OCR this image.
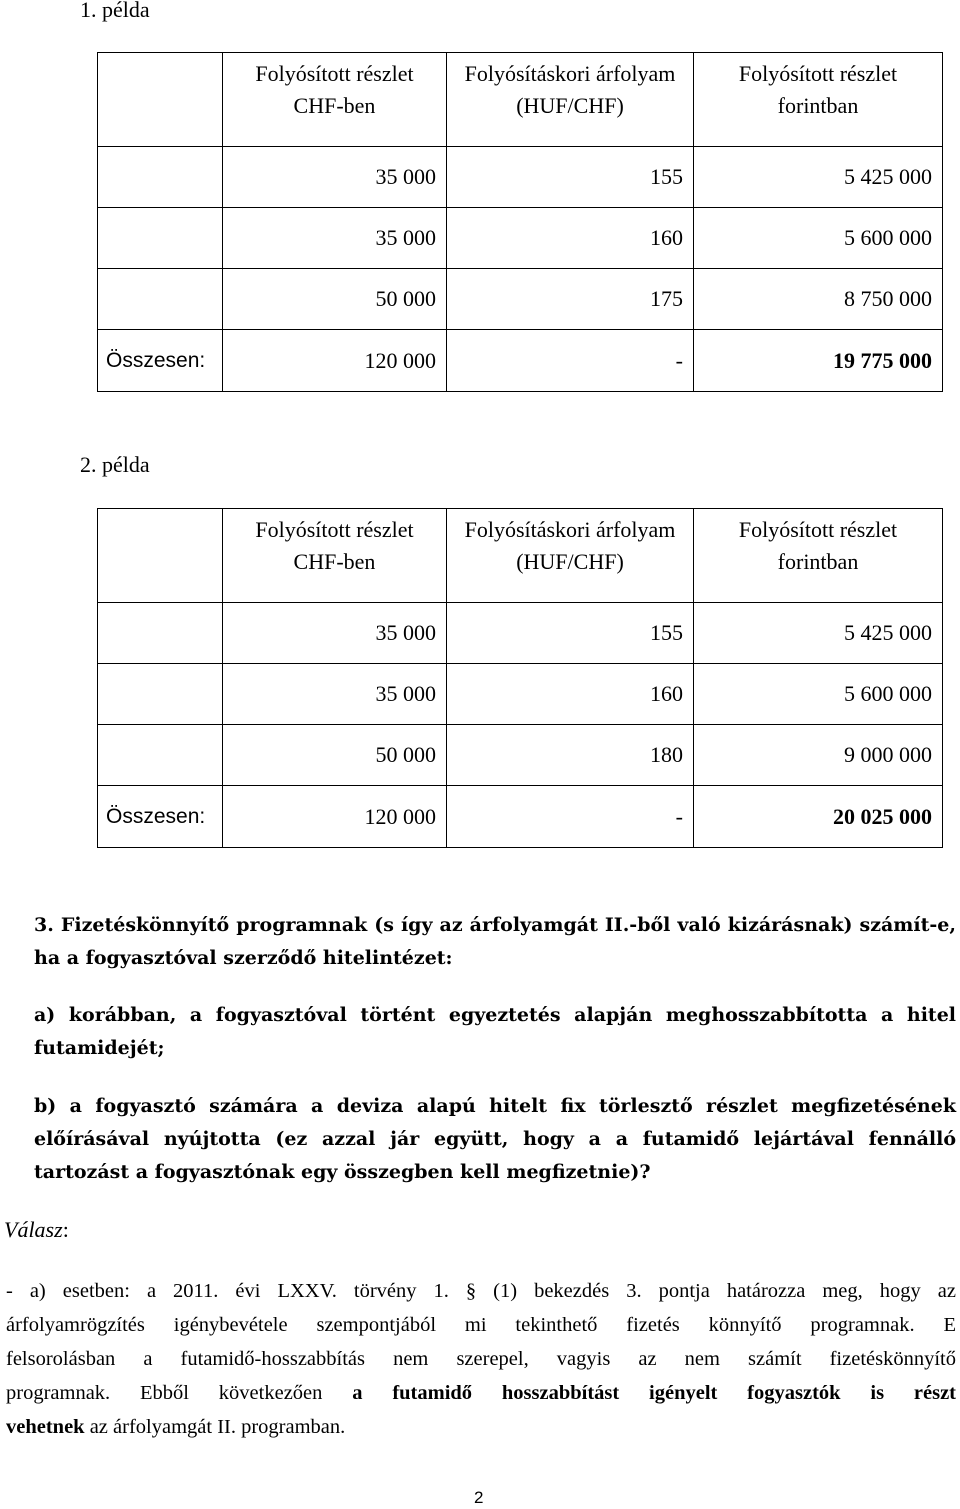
1. példa
	Folyósított részlet CHF-ben	Folyósításkori árfolyam (HUF/CHF)	Folyósított részlet forintban
	35 000	155	5 425 000
	35 000	160	5 600 000
	50 000	175	8 750 000
Összesen:	120 000	-	19 775 000
2. példa
	Folyósított részlet CHF-ben	Folyósításkori árfolyam (HUF/CHF)	Folyósított részlet forintban
	35 000	155	5 425 000
	35 000	160	5 600 000
	50 000	180	9 000 000
Összesen:	120 000	-	20 025 000
3. Fizetéskönnyítő programnak (s így az árfolyamgát II.-ből való kizárásnak) számít-e,
ha a fogyasztóval szerződő hitelintézet:
a) korábban, a fogyasztóval történt egyeztetés alapján meghosszabbította a hitel
futamidejét;
b) a fogyasztó számára a deviza alapú hitelt fix törlesztő részlet megfizetésének
előírásával nyújtotta (ez azzal jár együtt, hogy a a futamidő lejártával fennálló
tartozást a fogyasztónak egy összegben kell megfizetnie)?
Válasz:
- a) esetben: a 2011. évi LXXV. törvény 1. § (1) bekezdés 3. pontja határozza meg, hogy az
árfolyamrögzítés igénybevétele szempontjából mi tekinthető fizetés könnyítő programnak. E
felsorolásban a futamidő-hosszabbítás nem szerepel, vagyis az nem számít fizetéskönnyítő
programnak. Ebből következően a futamidő hosszabbítást igényelt fogyasztók is részt
vehetnek az árfolyamgát II. programban.
2
